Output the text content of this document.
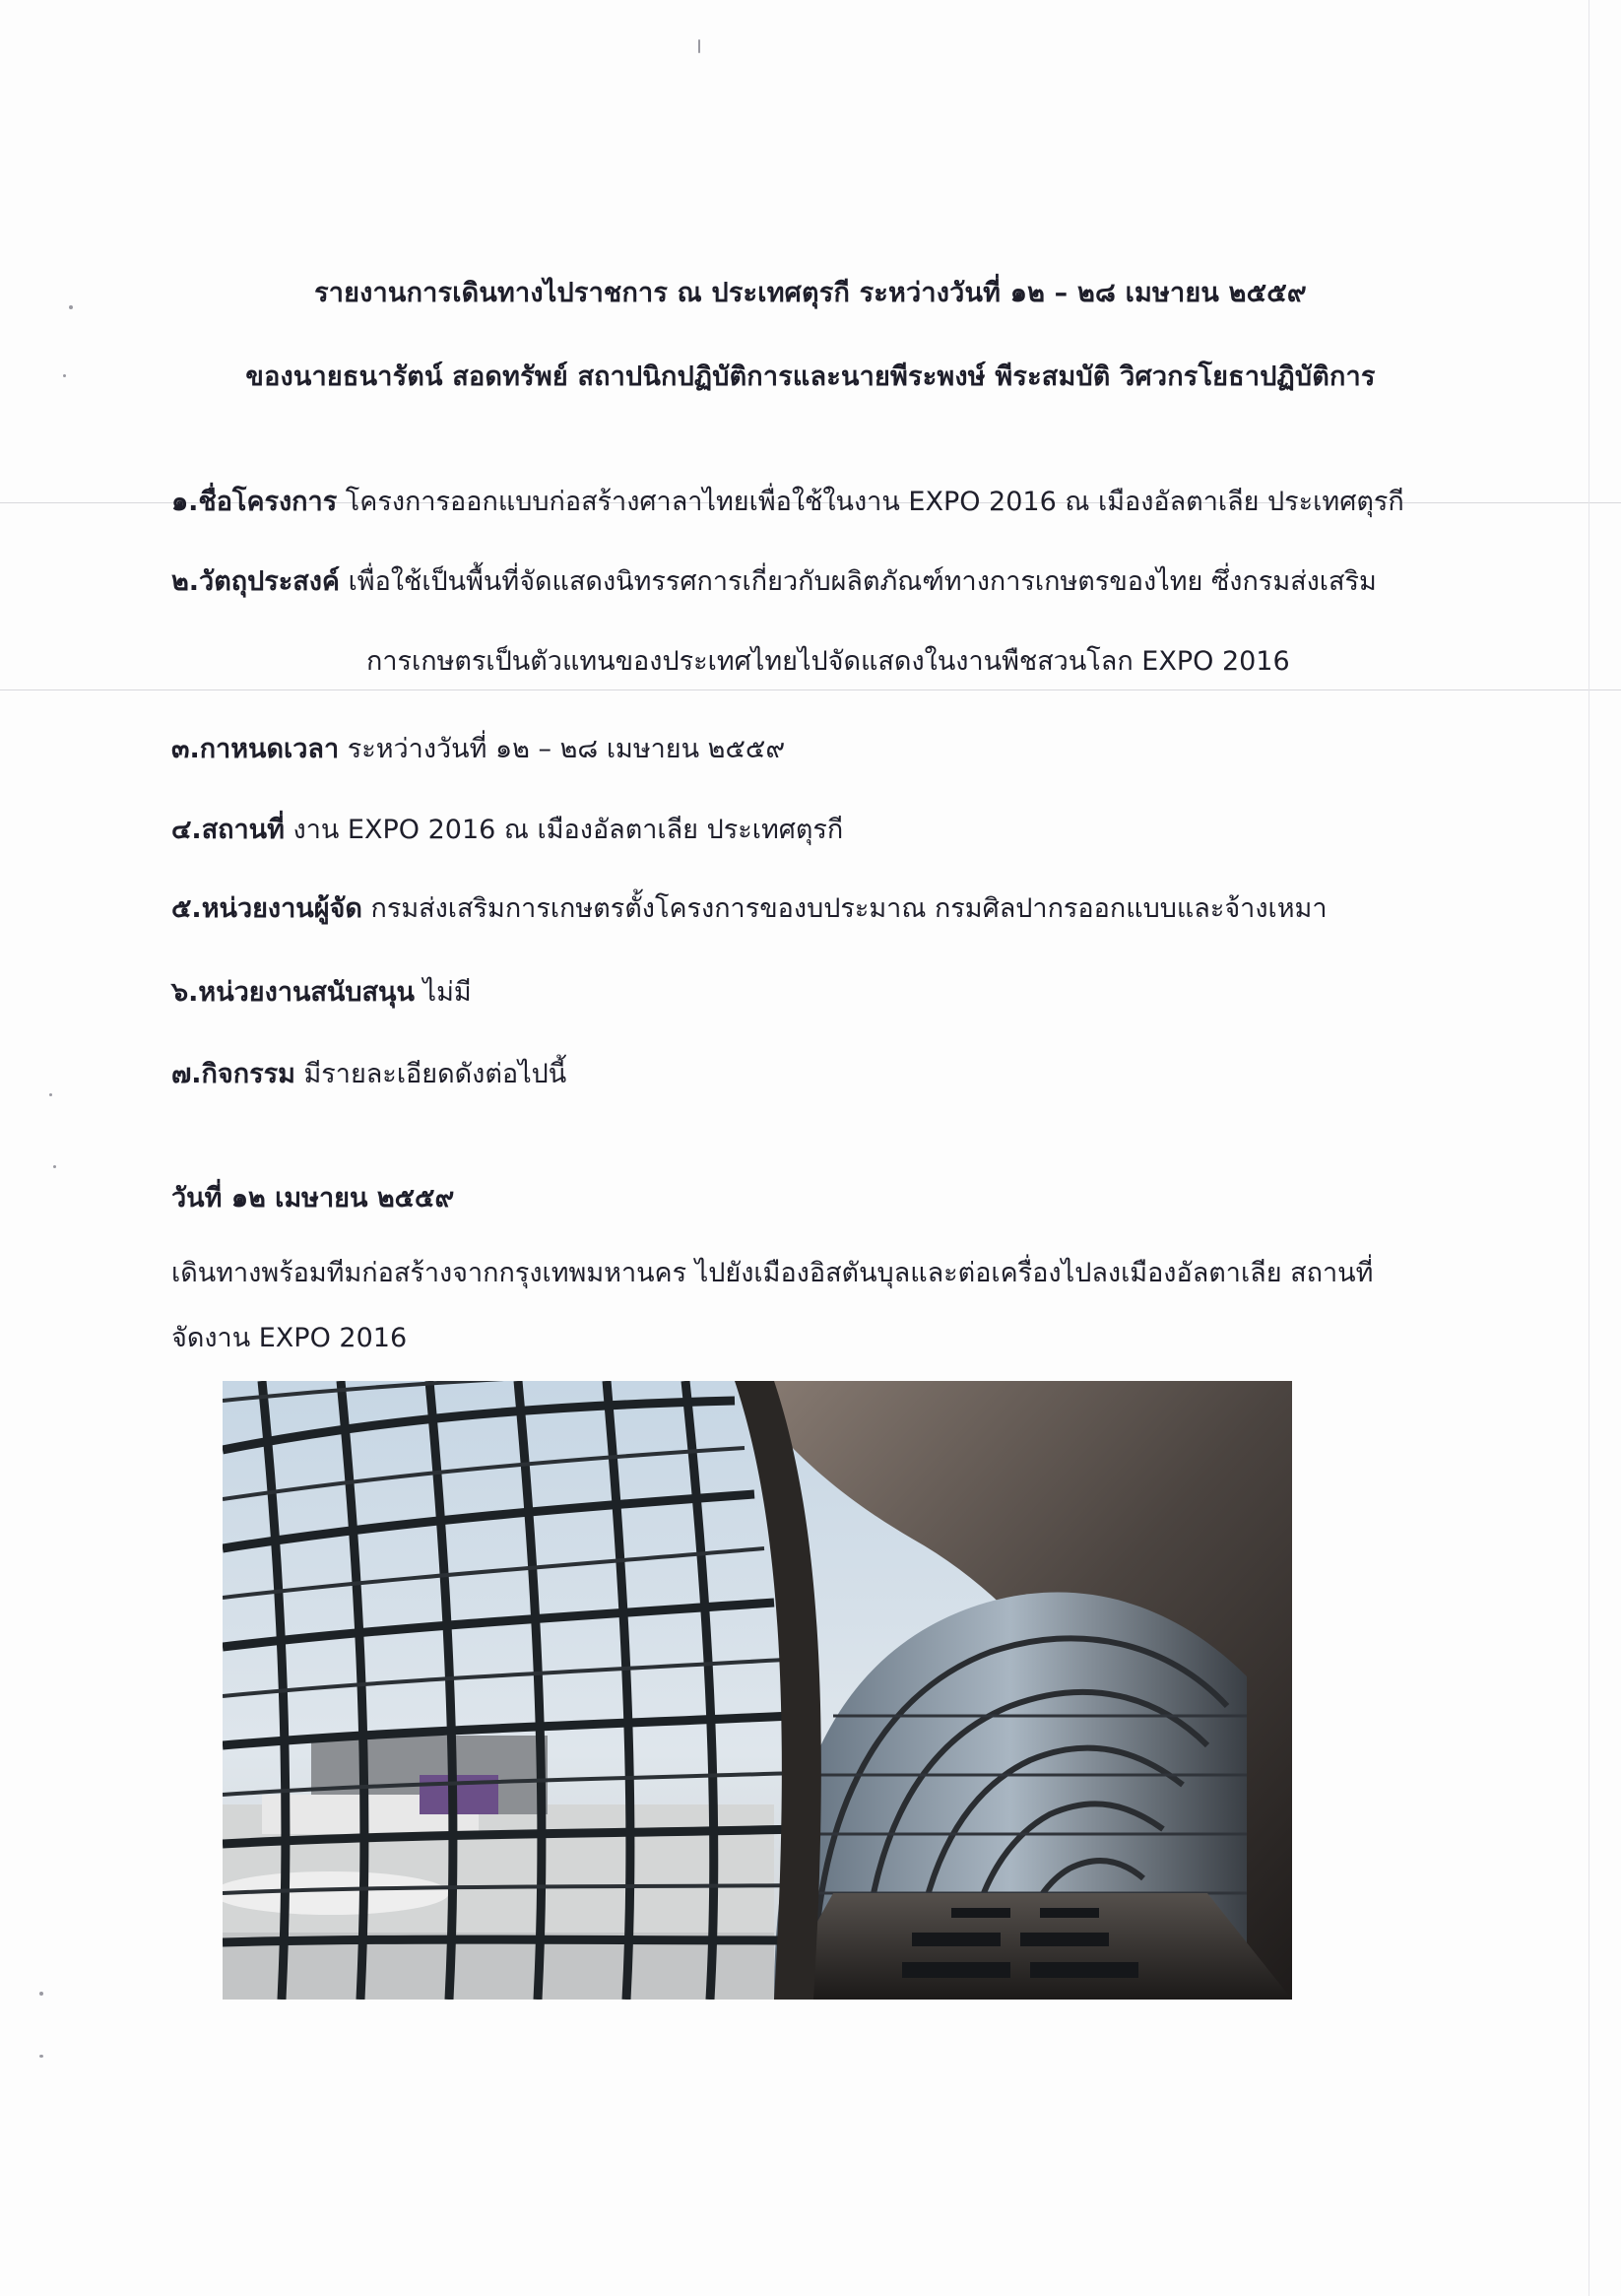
รายงานการเดินทางไปราชการ ณ ประเทศตุรกี ระหว่างวันที่ ๑๒ – ๒๘ เมษายน ๒๕๕๙
ของนายธนารัตน์ สอดทรัพย์ สถาปนิกปฏิบัติการและนายพีระพงษ์ พีระสมบัติ วิศวกรโยธาปฏิบัติการ
๑.ชื่อโครงการ โครงการออกแบบก่อสร้างศาลาไทยเพื่อใช้ในงาน EXPO 2016 ณ เมืองอัลตาเลีย ประเทศตุรกี
๒.วัตถุประสงค์ เพื่อใช้เป็นพื้นที่จัดแสดงนิทรรศการเกี่ยวกับผลิตภัณฑ์ทางการเกษตรของไทย ซึ่งกรมส่งเสริม
การเกษตรเป็นตัวแทนของประเทศไทยไปจัดแสดงในงานพืชสวนโลก EXPO 2016
๓.กาหนดเวลา ระหว่างวันที่ ๑๒ – ๒๘ เมษายน ๒๕๕๙
๔.สถานที่ งาน EXPO 2016 ณ เมืองอัลตาเลีย ประเทศตุรกี
๕.หน่วยงานผู้จัด กรมส่งเสริมการเกษตรตั้งโครงการของบประมาณ กรมศิลปากรออกแบบและจ้างเหมา
๖.หน่วยงานสนับสนุน ไม่มี
๗.กิจกรรม มีรายละเอียดดังต่อไปนี้
วันที่ ๑๒ เมษายน ๒๕๕๙
เดินทางพร้อมทีมก่อสร้างจากกรุงเทพมหานคร ไปยังเมืองอิสตันบุลและต่อเครื่องไปลงเมืองอัลตาเลีย สถานที่จัดงาน EXPO 2016
